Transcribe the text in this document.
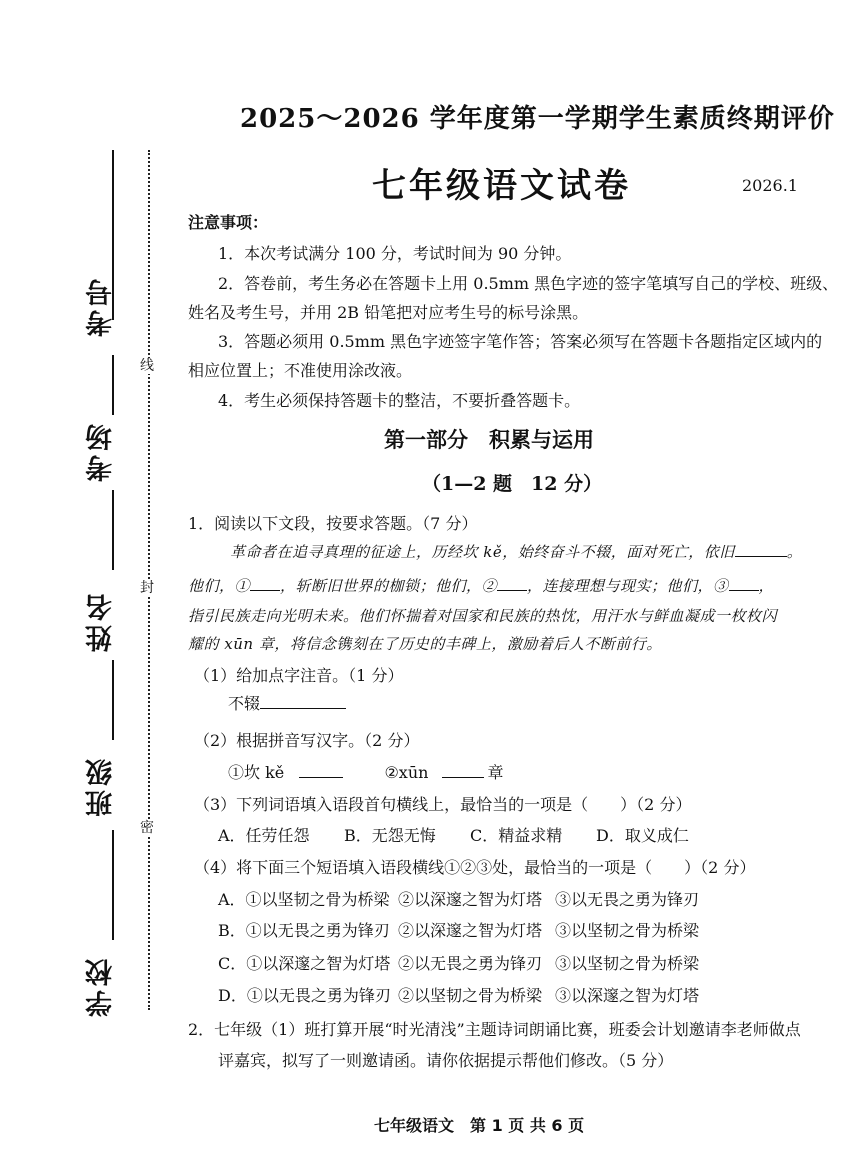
考号
考场
姓名
班级
学校
线
封
密
2025～2026 学年度第一学期学生素质终期评价
七年级语文试卷	2026.1
注意事项：
1．本次考试满分 100 分，考试时间为 90 分钟。
2．答卷前，考生务必在答题卡上用 0.5mm 黑色字迹的签字笔填写自己的学校、班级、
姓名及考生号，并用 2B 铅笔把对应考生号的标号涂黑。
3．答题必须用 0.5mm 黑色字迹签字笔作答；答案必须写在答题卡各题指定区域内的
相应位置上；不准使用涂改液。
4．考生必须保持答题卡的整洁，不要折叠答题卡。
第一部分　积累与运用
（1—2 题　12 分）
1．阅读以下文段，按要求答题。（7 分）
革命者在追寻真理的征途上，历经坎 kě，始终奋斗不辍，面对死亡，依旧	。
他们，① ，斩断旧世界的枷锁；他们，② ，连接理想与现实；他们，③ ，
指引民族走向光明未来。他们怀揣着对国家和民族的热忱，用汗水与鲜血凝成一枚枚闪
耀的 xūn 章，将信念镌刻在了历史的丰碑上，激励着后人不断前行。
（1）给加点字注音。（1 分）
不辍
（2）根据拼音写汉字。（2 分）
①坎 kě	②xūn	章
（3）下列词语填入语段首句横线上，最恰当的一项是（　　）（2 分）
A．任劳任怨 B．无怨无悔 C．精益求精 D．取义成仁
（4）将下面三个短语填入语段横线①②③处，最恰当的一项是（　　）（2 分）
A．①以坚韧之骨为桥梁 ②以深邃之智为灯塔 ③以无畏之勇为锋刃
B．①以无畏之勇为锋刃 ②以深邃之智为灯塔 ③以坚韧之骨为桥梁
C．①以深邃之智为灯塔 ②以无畏之勇为锋刃 ③以坚韧之骨为桥梁
D．①以无畏之勇为锋刃 ②以坚韧之骨为桥梁 ③以深邃之智为灯塔
2．七年级（1）班打算开展“时光清浅”主题诗词朗诵比赛，班委会计划邀请李老师做点
评嘉宾，拟写了一则邀请函。请你依据提示帮他们修改。（5 分）
七年级语文　第 1 页 共 6 页
